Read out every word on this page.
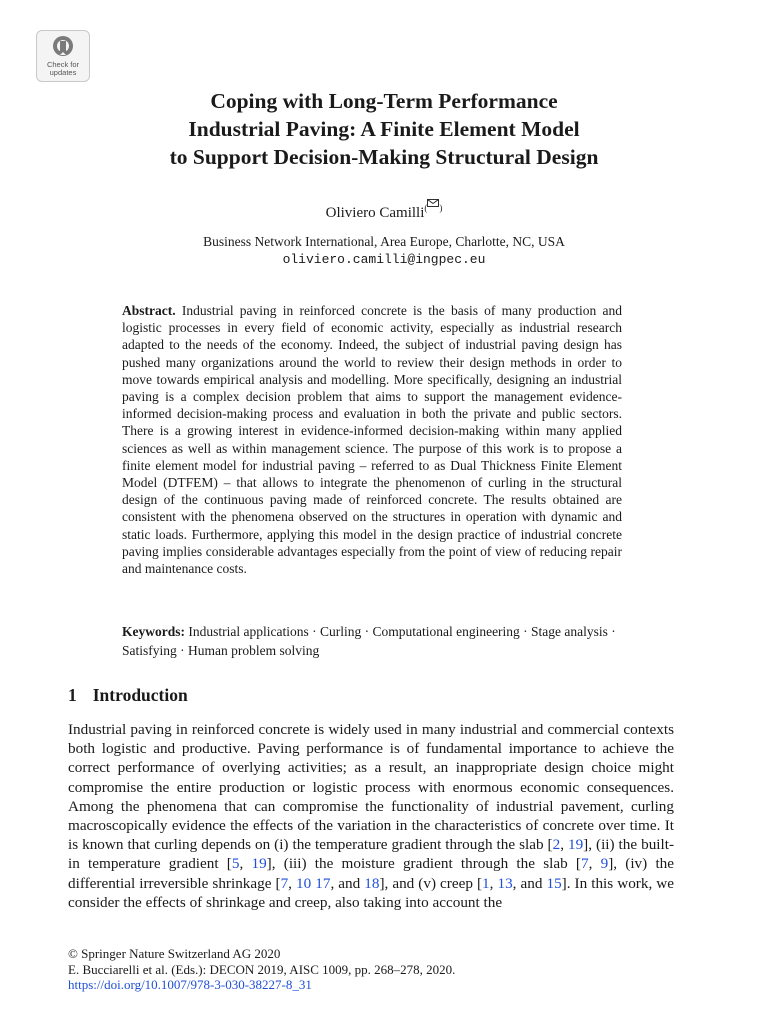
Check for
updates
Coping with Long-Term Performance
Industrial Paving: A Finite Element Model
to Support Decision-Making Structural Design
Oliviero Camilli( )
Business Network International, Area Europe, Charlotte, NC, USA
oliviero.camilli@ingpec.eu

Abstract. Industrial paving in reinforced concrete is the basis of many production and logistic processes in every field of economic activity, especially as industrial research adapted to the needs of the economy. Indeed, the subject of industrial paving design has pushed many organizations around the world to review their design methods in order to move towards empirical analysis and modelling. More specifically, designing an industrial paving is a complex decision problem that aims to support the management evidence-informed decision-making process and evaluation in both the private and public sectors. There is a growing interest in evidence-informed decision-making within many applied sciences as well as within management science. The purpose of this work is to propose a finite element model for industrial paving – referred to as Dual Thickness Finite Element Model (DTFEM) – that allows to integrate the phenomenon of curling in the structural design of the continuous paving made of reinforced concrete. The results obtained are consistent with the phenomena observed on the structures in operation with dynamic and static loads. Furthermore, applying this model in the design practice of industrial concrete paving implies considerable advantages especially from the point of view of reducing repair and maintenance costs.

Keywords: Industrial applications · Curling · Computational engineering · Stage analysis · Satisfying · Human problem solving

1 Introduction

Industrial paving in reinforced concrete is widely used in many industrial and commercial contexts both logistic and productive. Paving performance is of fundamental importance to achieve the correct performance of overlying activities; as a result, an inappropriate design choice might compromise the entire production or logistic process with enormous economic consequences. Among the phenomena that can compromise the functionality of industrial pavement, curling macroscopically evidence the effects of the variation in the characteristics of concrete over time. It is known that curling depends on (i) the temperature gradient through the slab [2, 19], (ii) the built-in temperature gradient [5, 19], (iii) the moisture gradient through the slab [7, 9], (iv) the differential irreversible shrinkage [7, 10 17, and 18], and (v) creep [1, 13, and 15]. In this work, we consider the effects of shrinkage and creep, also taking into account the

© Springer Nature Switzerland AG 2020
E. Bucciarelli et al. (Eds.): DECON 2019, AISC 1009, pp. 268–278, 2020.
https://doi.org/10.1007/978-3-030-38227-8_31
